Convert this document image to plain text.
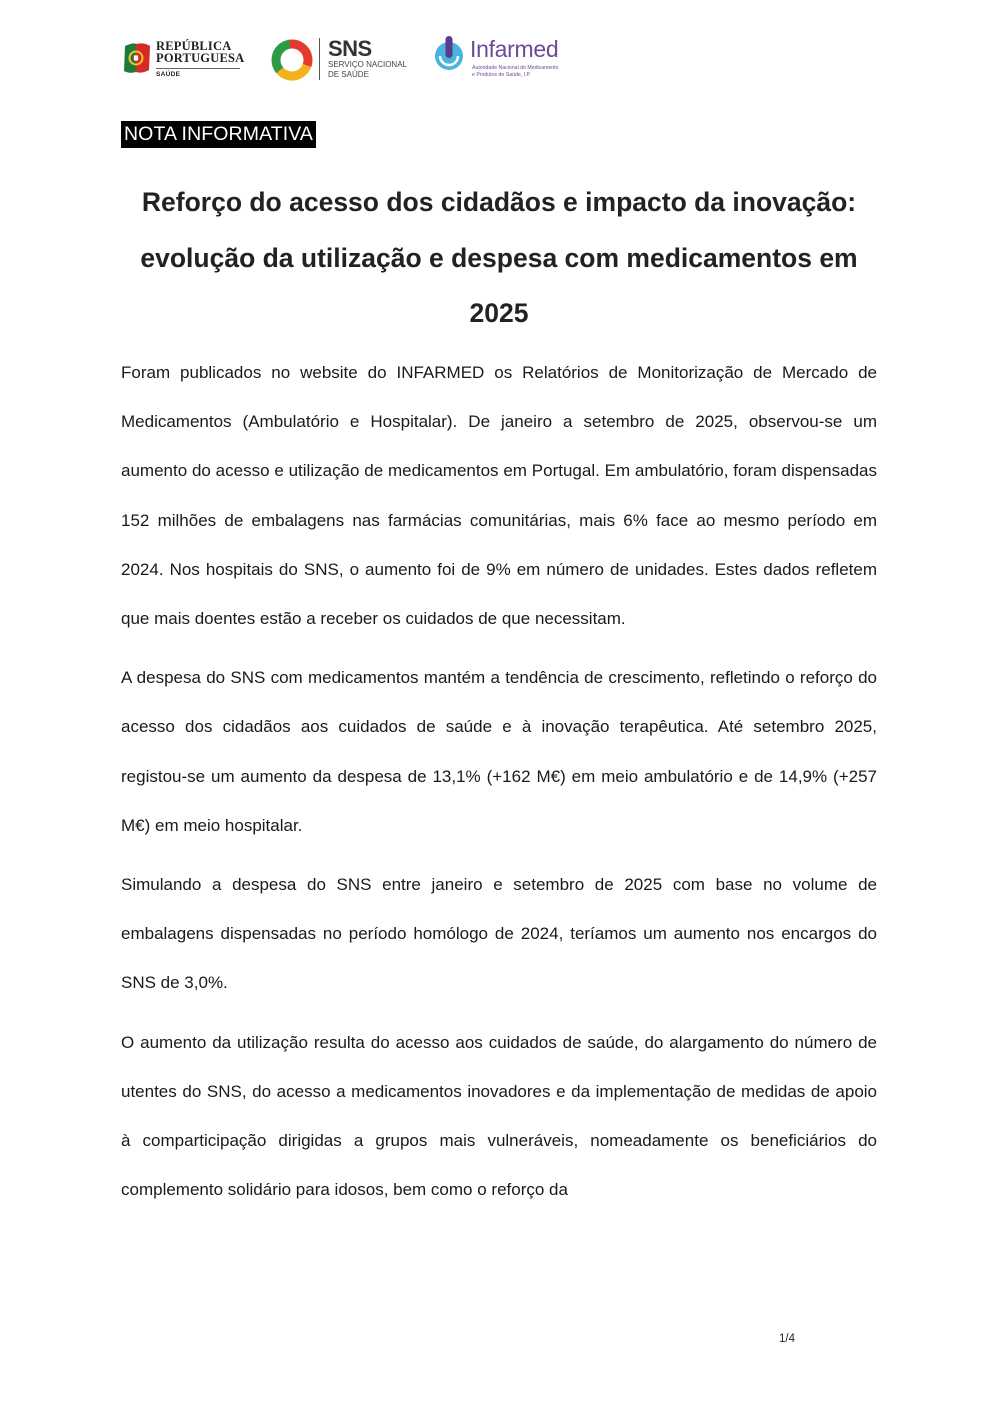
REPÚBLICA
PORTUGUESA
SAÚDE
SNS
SERVIÇO NACIONAL
DE SAÚDE
Infarmed
Autoridade Nacional do Medicamento
e Produtos de Saúde, I.P.
NOTA INFORMATIVA
Reforço do acesso dos cidadãos e impacto da inovação: evolução da utilização e despesa com medicamentos em 2025

Foram publicados no website do INFARMED os Relatórios de Monitorização de Mercado de Medicamentos (Ambulatório e Hospitalar). De janeiro a setembro de 2025, observou-se um aumento do acesso e utilização de medicamentos em Portugal. Em ambulatório, foram dispensadas 152 milhões de embalagens nas farmácias comunitárias, mais 6% face ao mesmo período em 2024. Nos hospitais do SNS, o aumento foi de 9% em número de unidades. Estes dados refletem que mais doentes estão a receber os cuidados de que necessitam.

A despesa do SNS com medicamentos mantém a tendência de crescimento, refletindo o reforço do acesso dos cidadãos aos cuidados de saúde e à inovação terapêutica. Até setembro 2025, registou-se um aumento da despesa de 13,1% (+162 M€) em meio ambulatório e de 14,9% (+257 M€) em meio hospitalar.

Simulando a despesa do SNS entre janeiro e setembro de 2025 com base no volume de embalagens dispensadas no período homólogo de 2024, teríamos um aumento nos encargos do SNS de 3,0%.

O aumento da utilização resulta do acesso aos cuidados de saúde, do alargamento do número de utentes do SNS, do acesso a medicamentos inovadores e da implementação de medidas de apoio à comparticipação dirigidas a grupos mais vulneráveis, nomeadamente os beneficiários do complemento solidário para idosos, bem como o reforço da

1/4
